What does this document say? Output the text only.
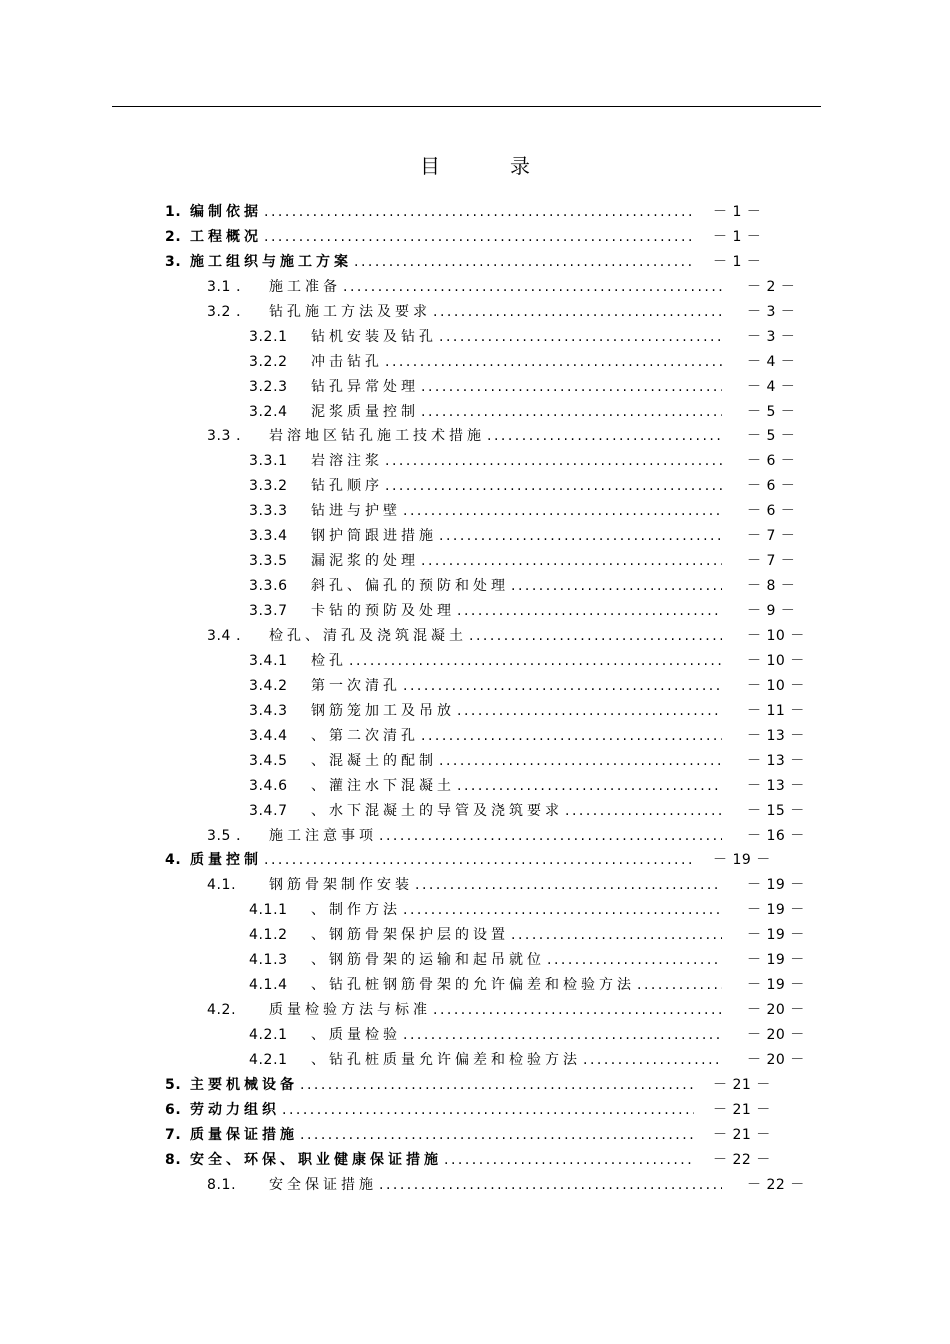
目	录
1. 编制依据 .....	－ 1 －
2. 工程概况 .....	－ 1 －
3. 施工组织与施工方案 .....	－ 1 －
3.1 ．	施工准备 .....	－ 2 －
3.2 ．	钻孔施工方法及要求 .....	－ 3 －
3.2.1	钻机安装及钻孔 .....	－ 3 －
3.2.2	冲击钻孔 .....	－ 4 －
3.2.3	钻孔异常处理 .....	－ 4 －
3.2.4	泥浆质量控制 .....	－ 5 －
3.3 ．	岩溶地区钻孔施工技术措施 .....	－ 5 －
3.3.1	岩溶注浆 .....	－ 6 －
3.3.2	钻孔顺序 .....	－ 6 －
3.3.3	钻进与护壁 .....	－ 6 －
3.3.4	钢护筒跟进措施 .....	－ 7 －
3.3.5	漏泥浆的处理 .....	－ 7 －
3.3.6	斜孔、偏孔的预防和处理 .....	－ 8 －
3.3.7	卡钻的预防及处理 .....	－ 9 －
3.4 ．	检孔、清孔及浇筑混凝土 .....	－ 10 －
3.4.1	检孔 .....	－ 10 －
3.4.2	第一次清孔 .....	－ 10 －
3.4.3	钢筋笼加工及吊放 .....	－ 11 －
3.4.4	、第二次清孔 .....	－ 13 －
3.4.5	、混凝土的配制 .....	－ 13 －
3.4.6	、灌注水下混凝土 .....	－ 13 －
3.4.7	、水下混凝土的导管及浇筑要求 .....	－ 15 －
3.5 ．	施工注意事项 .....	－ 16 －
4. 质量控制 .....	－ 19 －
4.1.	钢筋骨架制作安装 .....	－ 19 －
4.1.1	、制作方法 .....	－ 19 －
4.1.2	、钢筋骨架保护层的设置 .....	－ 19 －
4.1.3	、钢筋骨架的运输和起吊就位 .....	－ 19 －
4.1.4	、钻孔桩钢筋骨架的允许偏差和检验方法 .....	－ 19 －
4.2.	质量检验方法与标准 .....	－ 20 －
4.2.1	、质量检验 .....	－ 20 －
4.2.1	、钻孔桩质量允许偏差和检验方法 .....	－ 20 －
5. 主要机械设备 .....	－ 21 －
6. 劳动力组织 .....	－ 21 －
7. 质量保证措施 .....	－ 21 －
8. 安全、环保、职业健康保证措施 .....	－ 22 －
8.1.	安全保证措施 .....	－ 22 －
